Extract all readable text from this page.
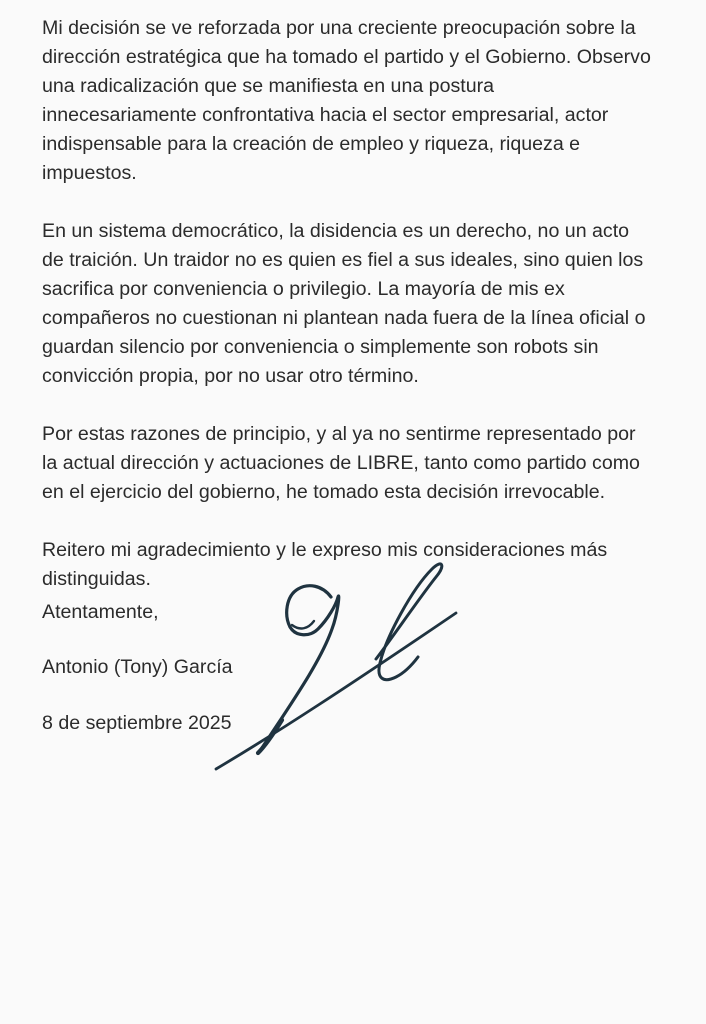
Mi decisión se ve reforzada por una creciente preocupación sobre la
dirección estratégica que ha tomado el partido y el Gobierno. Observo
una radicalización que se manifiesta en una postura
innecesariamente confrontativa hacia el sector empresarial, actor
indispensable para la creación de empleo y riqueza, riqueza e
impuestos.

En un sistema democrático, la disidencia es un derecho, no un acto
de traición. Un traidor no es quien es fiel a sus ideales, sino quien los
sacrifica por conveniencia o privilegio. La mayoría de mis ex
compañeros no cuestionan ni plantean nada fuera de la línea oficial o
guardan silencio por conveniencia o simplemente son robots sin
convicción propia, por no usar otro término.

Por estas razones de principio, y al ya no sentirme representado por
la actual dirección y actuaciones de LIBRE, tanto como partido como
en el ejercicio del gobierno, he tomado esta decisión irrevocable.

Reitero mi agradecimiento y le expreso mis consideraciones más
distinguidas.

Atentamente,
Antonio (Tony) García
8 de septiembre 2025
